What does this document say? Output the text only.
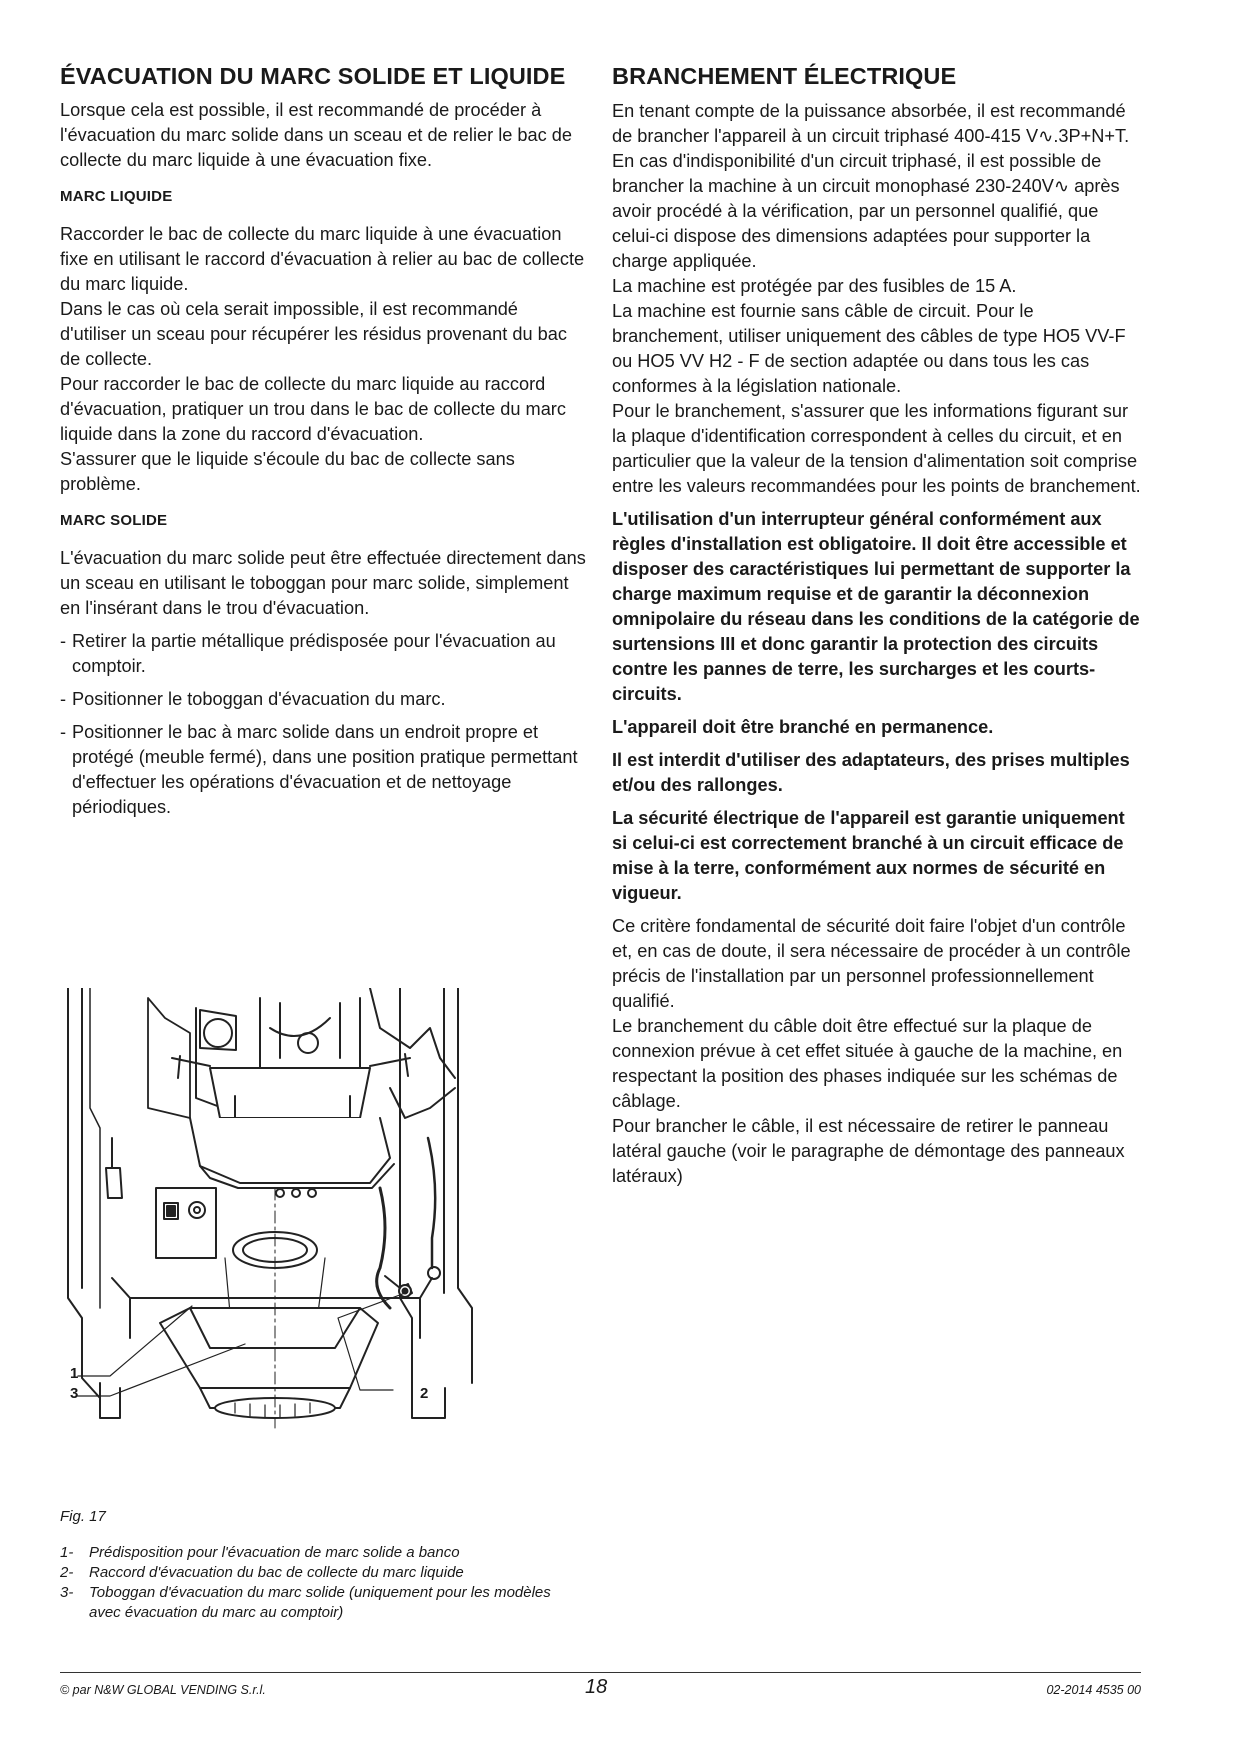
ÉVACUATION DU MARC SOLIDE ET LIQUIDE

Lorsque cela est possible, il est recommandé de procéder à l'évacuation du marc solide dans un sceau et de relier le bac de collecte du marc liquide à une évacuation fixe.

MARC LIQUIDE

Raccorder le bac de collecte du marc liquide à une évacuation fixe en utilisant le raccord d'évacuation à relier au bac de collecte du marc liquide.

Dans le cas où cela serait impossible, il est recommandé d'utiliser un sceau pour récupérer les résidus provenant du bac de collecte.

Pour raccorder le bac de collecte du marc liquide au raccord d'évacuation, pratiquer un trou dans le bac de collecte du marc liquide dans la zone du raccord d'évacuation.

S'assurer que le liquide s'écoule du bac de collecte sans problème.

MARC SOLIDE

L'évacuation du marc solide peut être effectuée directement dans un sceau en utilisant le toboggan pour marc solide, simplement en l'insérant dans le trou d'évacuation.

- Retirer la partie métallique prédisposée pour l'évacuation au comptoir.
- Positionner le toboggan d'évacuation du marc.
- Positionner le bac à marc solide dans un endroit propre et protégé (meuble fermé), dans une position pratique permettant d'effectuer les opérations d'évacuation et de nettoyage périodiques.
1
3	2
Fig. 17
1-	Prédisposition pour l'évacuation de marc solide a banco
2-	Raccord d'évacuation du bac de collecte du marc liquide
3-	Toboggan d'évacuation du marc solide (uniquement pour les modèles avec évacuation du marc au comptoir)
BRANCHEMENT ÉLECTRIQUE

En tenant compte de la puissance absorbée, il est recommandé de brancher l'appareil à un circuit triphasé 400-415 V∿.3P+N+T.

En cas d'indisponibilité d'un circuit triphasé, il est possible de brancher la machine à un circuit monophasé 230-240V∿ après avoir procédé à la vérification, par un personnel qualifié, que celui-ci dispose des dimensions adaptées pour supporter la charge appliquée.

La machine est protégée par des fusibles de 15 A.

La machine est fournie sans câble de circuit. Pour le branchement, utiliser uniquement des câbles de type HO5 VV-F ou HO5 VV H2 - F de section adaptée ou dans tous les cas conformes à la législation nationale.

Pour le branchement, s'assurer que les informations figurant sur la plaque d'identification correspondent à celles du circuit, et en particulier que la valeur de la tension d'alimentation soit comprise entre les valeurs recommandées pour les points de branchement.

L'utilisation d'un interrupteur général conformément aux règles d'installation est obligatoire. Il doit être accessible et disposer des caractéristiques lui permettant de supporter la charge maximum requise et de garantir la déconnexion omnipolaire du réseau dans les conditions de la catégorie de surtensions III et donc garantir la protection des circuits contre les pannes de terre, les surcharges et les courts-circuits.

L'appareil doit être branché en permanence.

Il est interdit d'utiliser des adaptateurs, des prises multiples et/ou des rallonges.

La sécurité électrique de l'appareil est garantie uniquement si celui-ci est correctement branché à un circuit efficace de mise à la terre, conformément aux normes de sécurité en vigueur.

Ce critère fondamental de sécurité doit faire l'objet d'un contrôle et, en cas de doute, il sera nécessaire de procéder à un contrôle précis de l'installation par un personnel professionnellement qualifié.

Le branchement du câble doit être effectué sur la plaque de connexion prévue à cet effet située à gauche de la machine, en respectant la position des phases indiquée sur les schémas de câblage.

Pour brancher le câble, il est nécessaire de retirer le panneau latéral gauche (voir le paragraphe de démontage des panneaux latéraux)

© par N&W GLOBAL VENDING S.r.l.	18	02-2014 4535 00
